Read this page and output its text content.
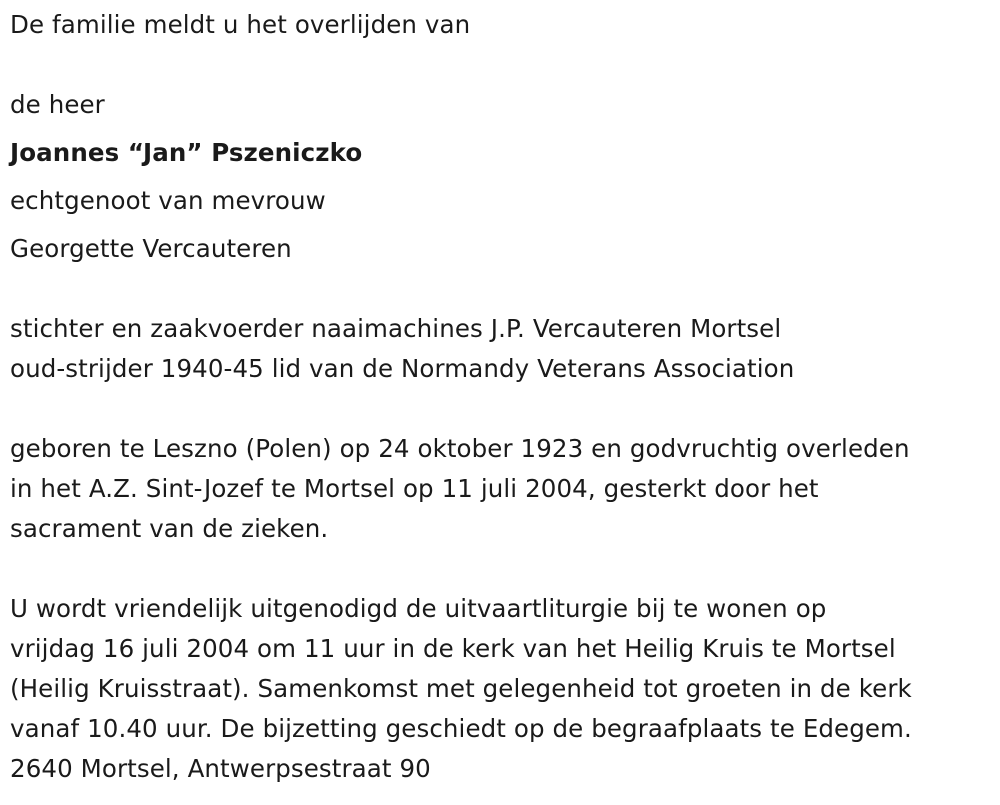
De familie meldt u het overlijden van
de heer
Joannes “Jan” Pszeniczko
echtgenoot van mevrouw
Georgette Vercauteren
stichter en zaakvoerder naaimachines J.P. Vercauteren Mortsel
oud-strijder 1940-45 lid van de Normandy Veterans Association
geboren te Leszno (Polen) op 24 oktober 1923 en godvruchtig overleden
in het A.Z. Sint-Jozef te Mortsel op 11 juli 2004, gesterkt door het
sacrament van de zieken.
U wordt vriendelijk uitgenodigd de uitvaartliturgie bij te wonen op
vrijdag 16 juli 2004 om 11 uur in de kerk van het Heilig Kruis te Mortsel
(Heilig Kruisstraat). Samenkomst met gelegenheid tot groeten in de kerk
vanaf 10.40 uur. De bijzetting geschiedt op de begraafplaats te Edegem.
2640 Mortsel, Antwerpsestraat 90
